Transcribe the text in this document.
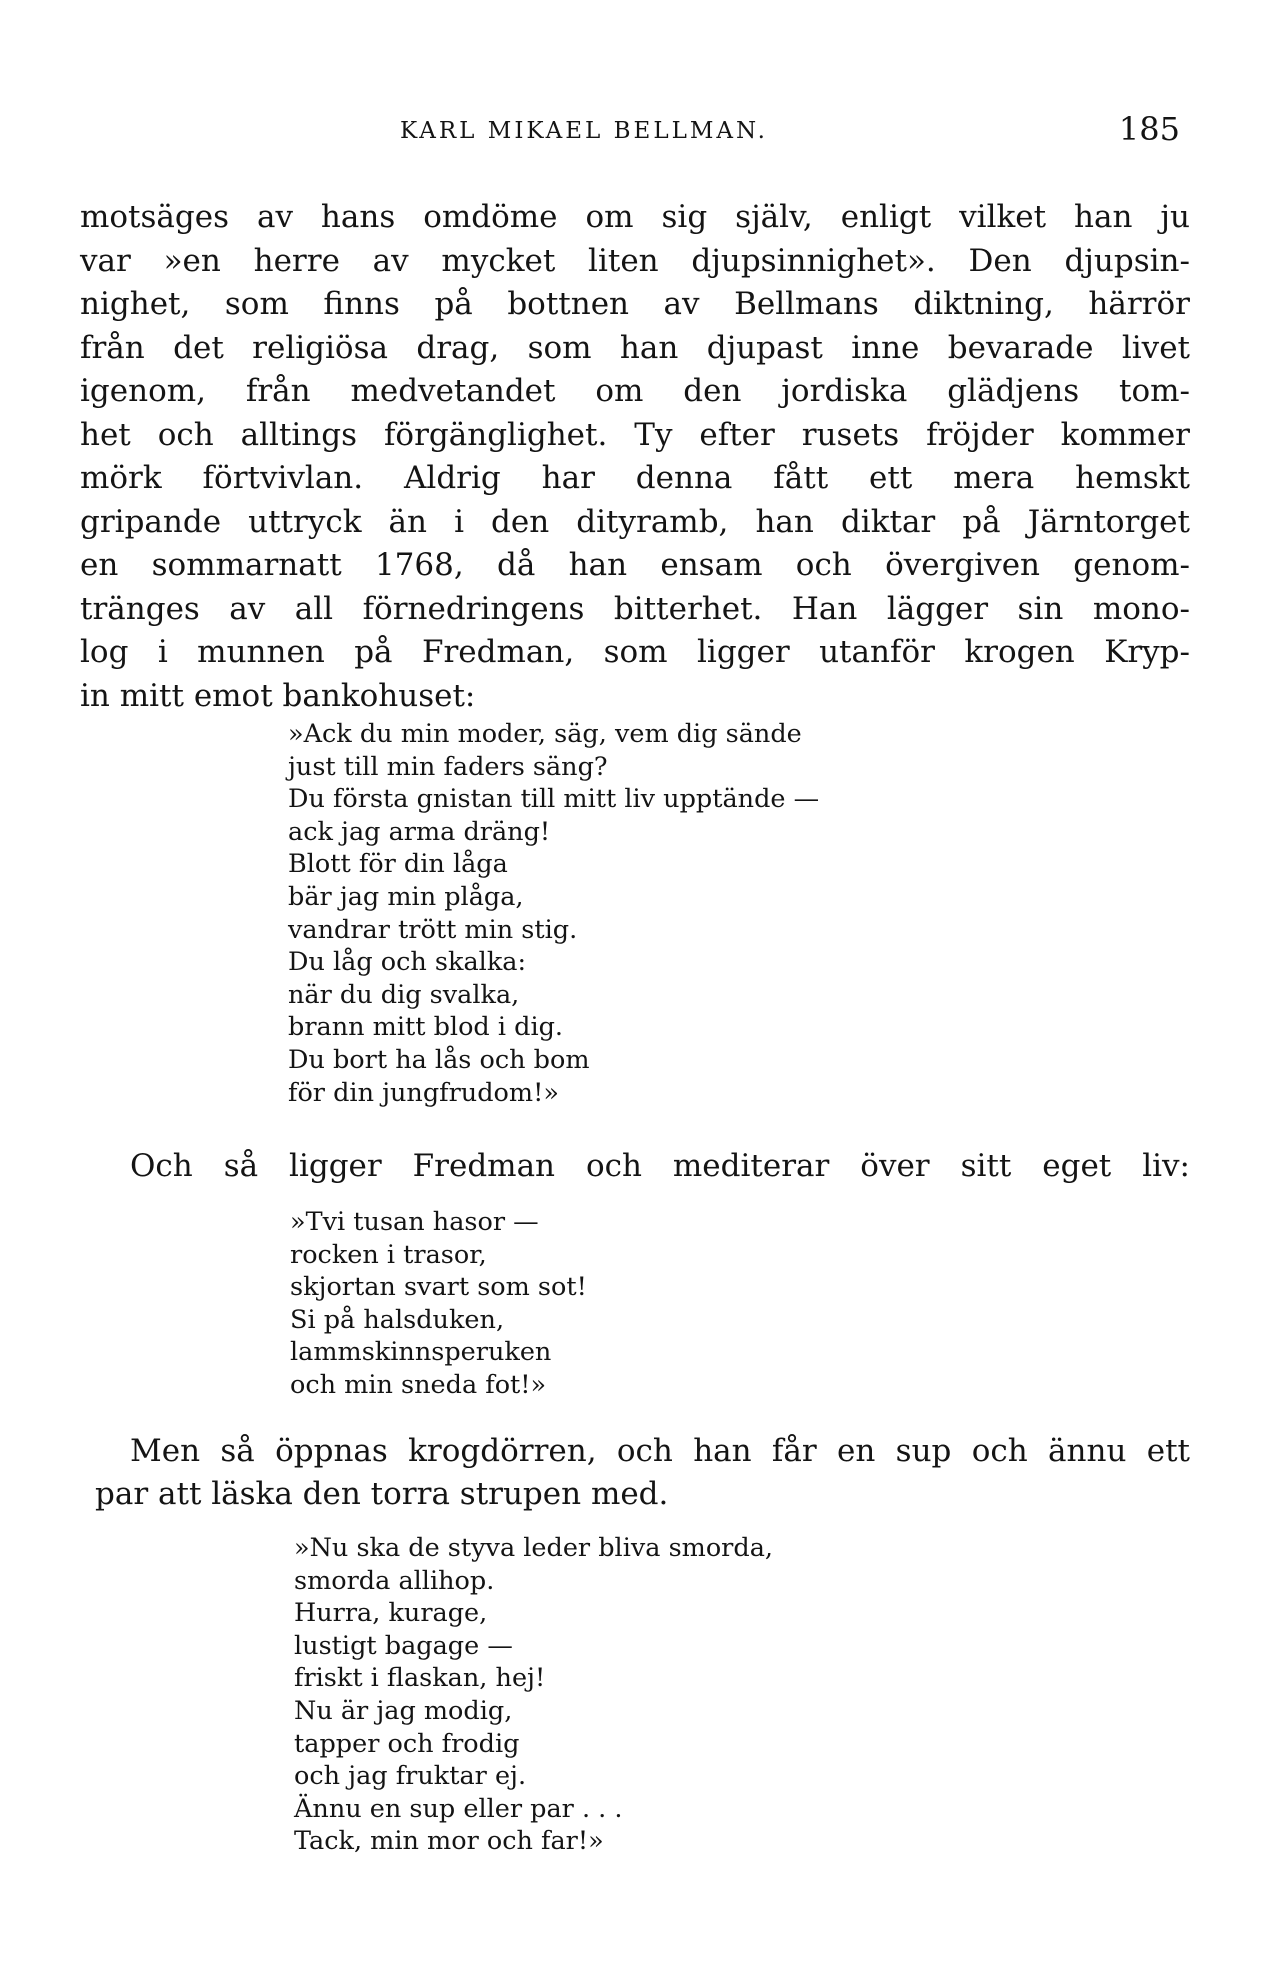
KARL MIKAEL BELLMAN.	185
motsäges av hans omdöme om sig själv, enligt vilket han ju
var »en herre av mycket liten djupsinnighet». Den djupsin-
nighet, som finns på bottnen av Bellmans diktning, härrör
från det religiösa drag, som han djupast inne bevarade livet
igenom, från medvetandet om den jordiska glädjens tom-
het och alltings förgänglighet. Ty efter rusets fröjder kommer
mörk förtvivlan. Aldrig har denna fått ett mera hemskt
gripande uttryck än i den dityramb, han diktar på Järntorget
en sommarnatt 1768, då han ensam och övergiven genom-
tränges av all förnedringens bitterhet. Han lägger sin mono-
log i munnen på Fredman, som ligger utanför krogen Kryp-
in mitt emot bankohuset:
»Ack du min moder, säg, vem dig sände
just till min faders säng?
Du första gnistan till mitt liv upptände —
ack jag arma dräng!
Blott för din låga
bär jag min plåga,
vandrar trött min stig.
Du låg och skalka:
när du dig svalka,
brann mitt blod i dig.
Du bort ha lås och bom
för din jungfrudom!»
Och så ligger Fredman och mediterar över sitt eget liv:
»Tvi tusan hasor —
rocken i trasor,
skjortan svart som sot!
Si på halsduken,
lammskinnsperuken
och min sneda fot!»
Men så öppnas krogdörren, och han får en sup och ännu ett
par att läska den torra strupen med.
»Nu ska de styva leder bliva smorda,
smorda allihop.
Hurra, kurage,
lustigt bagage —
friskt i flaskan, hej!
Nu är jag modig,
tapper och frodig
och jag fruktar ej.
Ännu en sup eller par . . .
Tack, min mor och far!»
